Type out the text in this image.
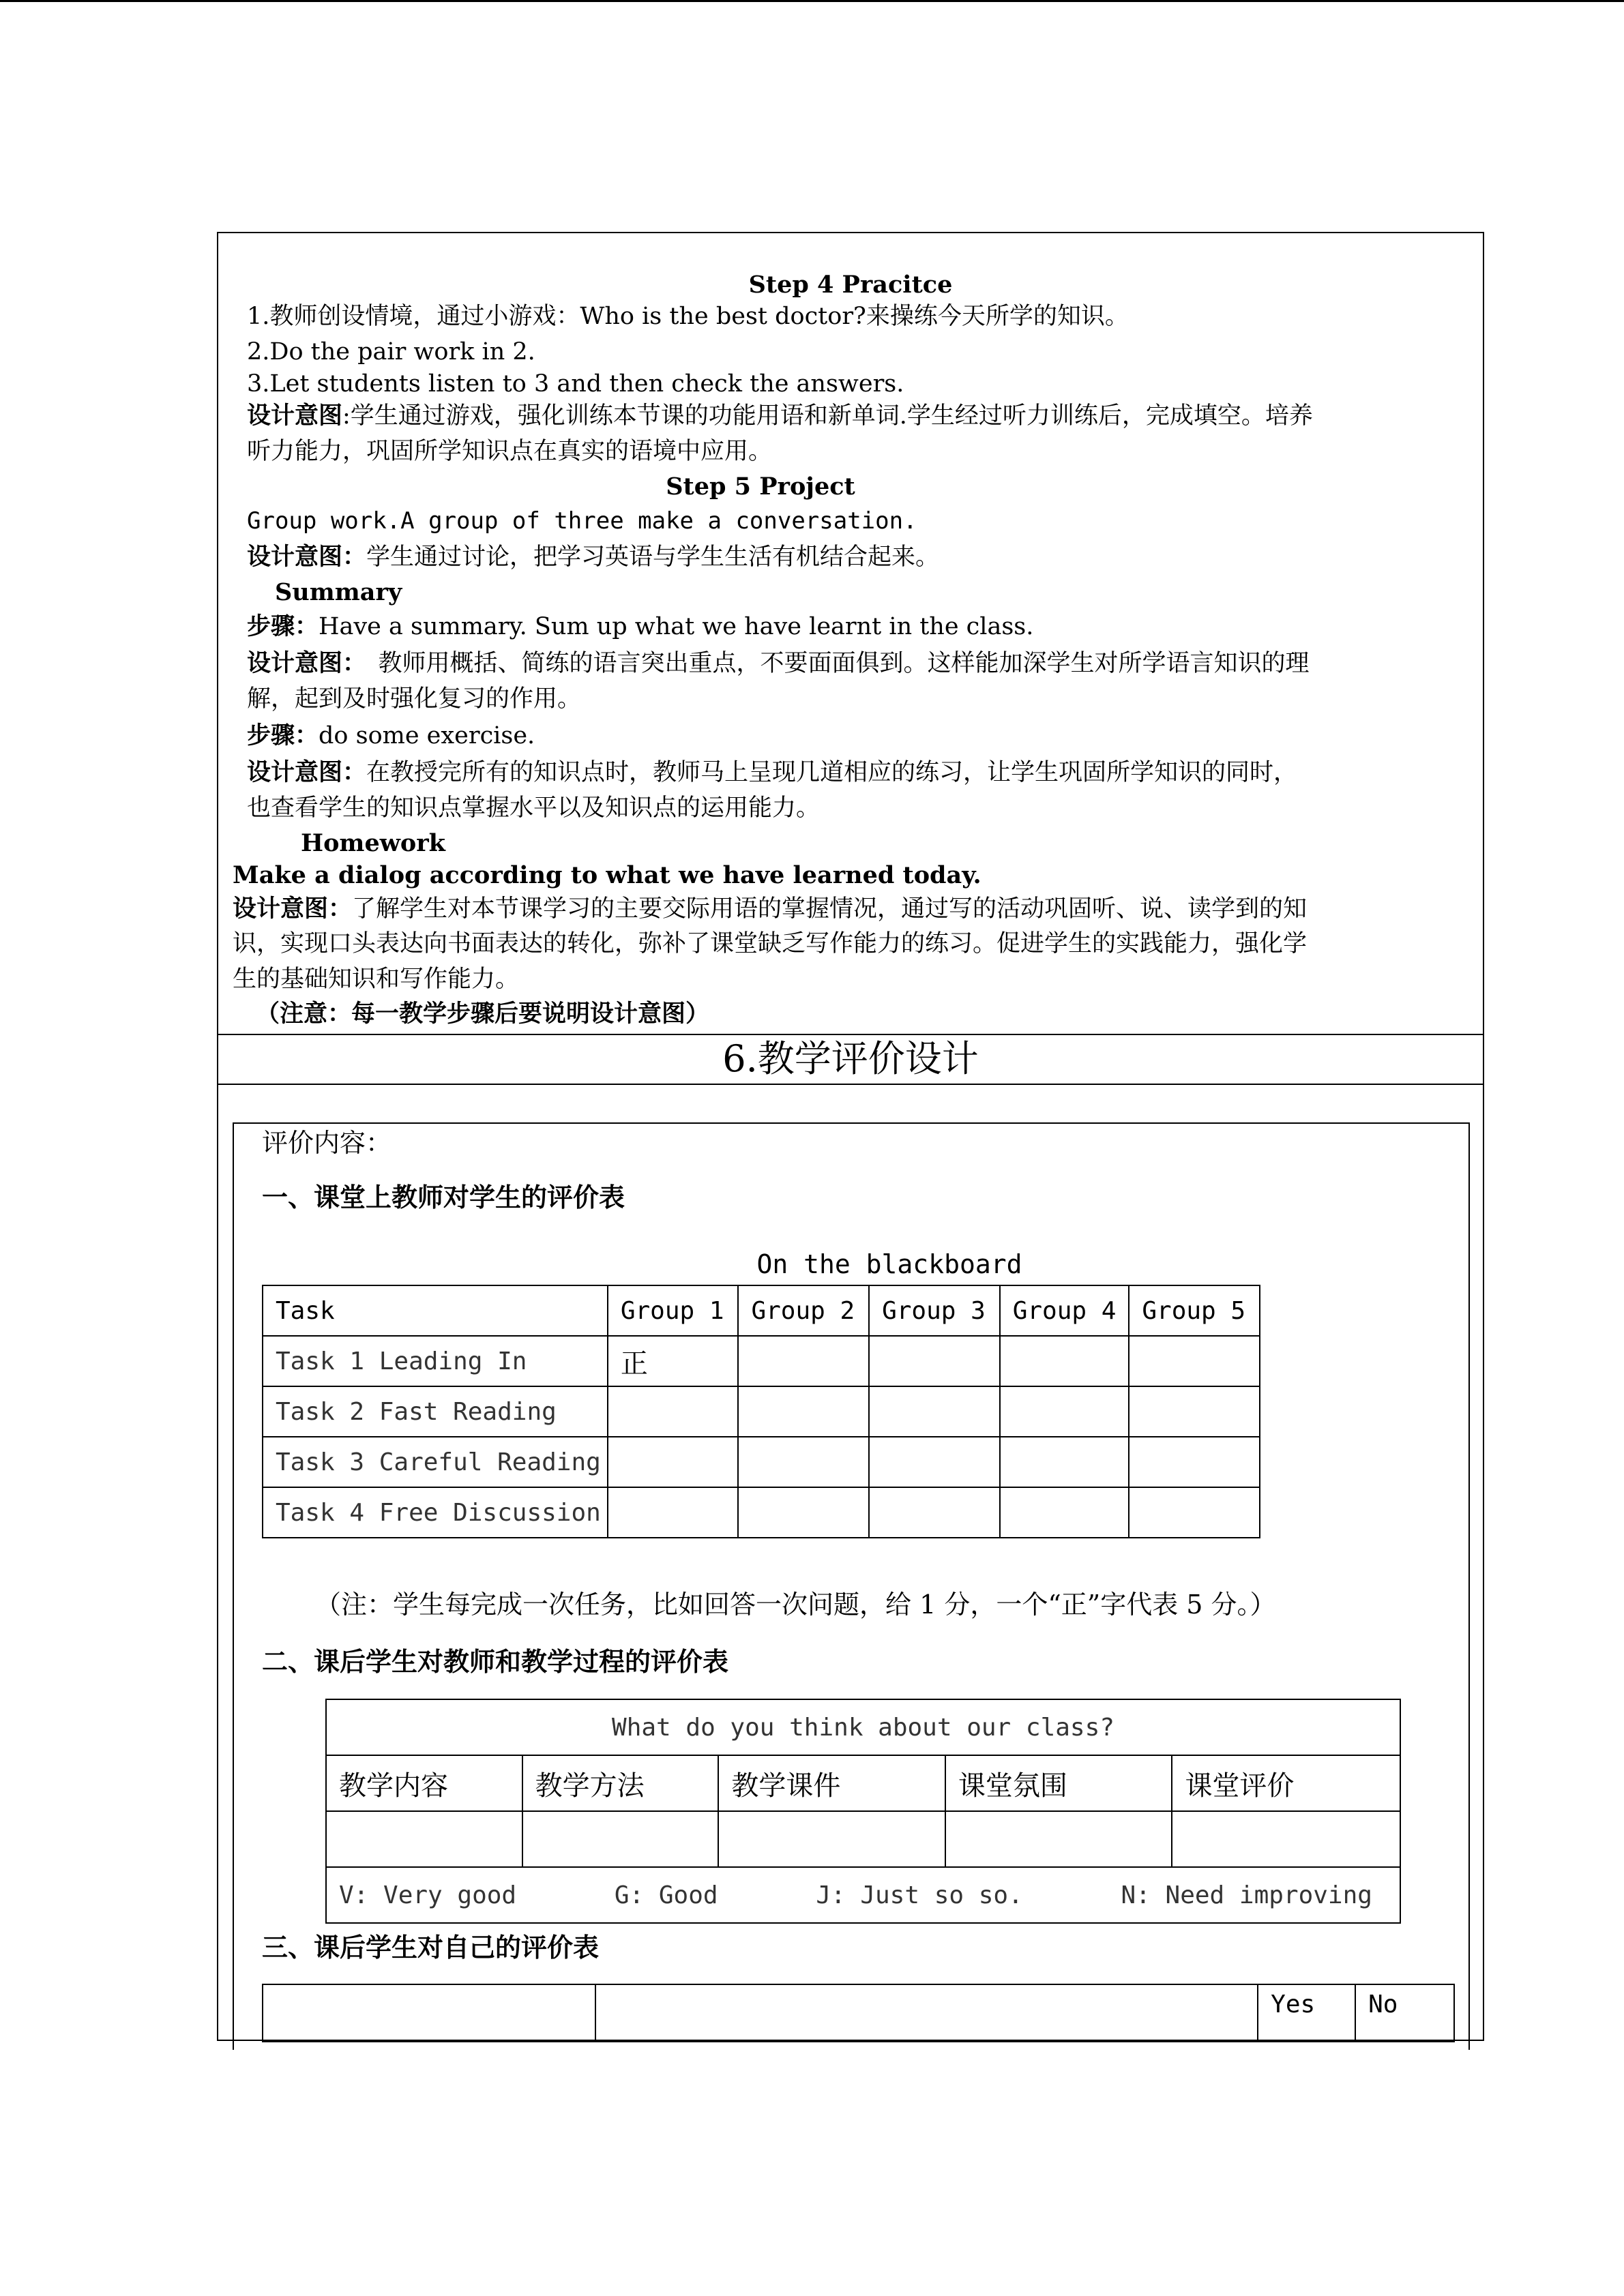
Step 4 Pracitce
1.教师创设情境，通过小游戏：Who is the best doctor?来操练今天所学的知识。
2.Do the pair work in 2.
3.Let students listen to 3 and then check the answers.
设计意图:学生通过游戏，强化训练本节课的功能用语和新单词.学生经过听力训练后，完成填空。培养
听力能力，巩固所学知识点在真实的语境中应用。
Step 5 Project
Group work.A group of three make a conversation.
设计意图：学生通过讨论，把学习英语与学生生活有机结合起来。
Summary
步骤：Have a summary. Sum up what we have learnt in the class.
设计意图：　教师用概括、简练的语言突出重点，不要面面俱到。这样能加深学生对所学语言知识的理
解，起到及时强化复习的作用。
步骤：do some exercise.
设计意图：在教授完所有的知识点时，教师马上呈现几道相应的练习，让学生巩固所学知识的同时，
也查看学生的知识点掌握水平以及知识点的运用能力。
Homework
Make a dialog according to what we have learned today.
设计意图：了解学生对本节课学习的主要交际用语的掌握情况，通过写的活动巩固听、说、读学到的知
识，实现口头表达向书面表达的转化，弥补了课堂缺乏写作能力的练习。促进学生的实践能力，强化学
生的基础知识和写作能力。
（注意：每一教学步骤后要说明设计意图）
6.教学评价设计
评价内容：
一、课堂上教师对学生的评价表
On the blackboard
Task	Group 1	Group 2	Group 3	Group 4	Group 5
Task 1 Leading In	正				
Task 2 Fast Reading					
Task 3 Careful Reading					
Task 4 Free Discussion					
（注：学生每完成一次任务，比如回答一次问题，给 1 分，一个“正”字代表 5 分。）
二、课后学生对教师和教学过程的评价表
What do you think about our class?				
教学内容	教学方法	教学课件	课堂氛围	课堂评价

V: Very good G: Good J: Just so so. N: Need improving				
三、课后学生对自己的评价表
		Yes	No
